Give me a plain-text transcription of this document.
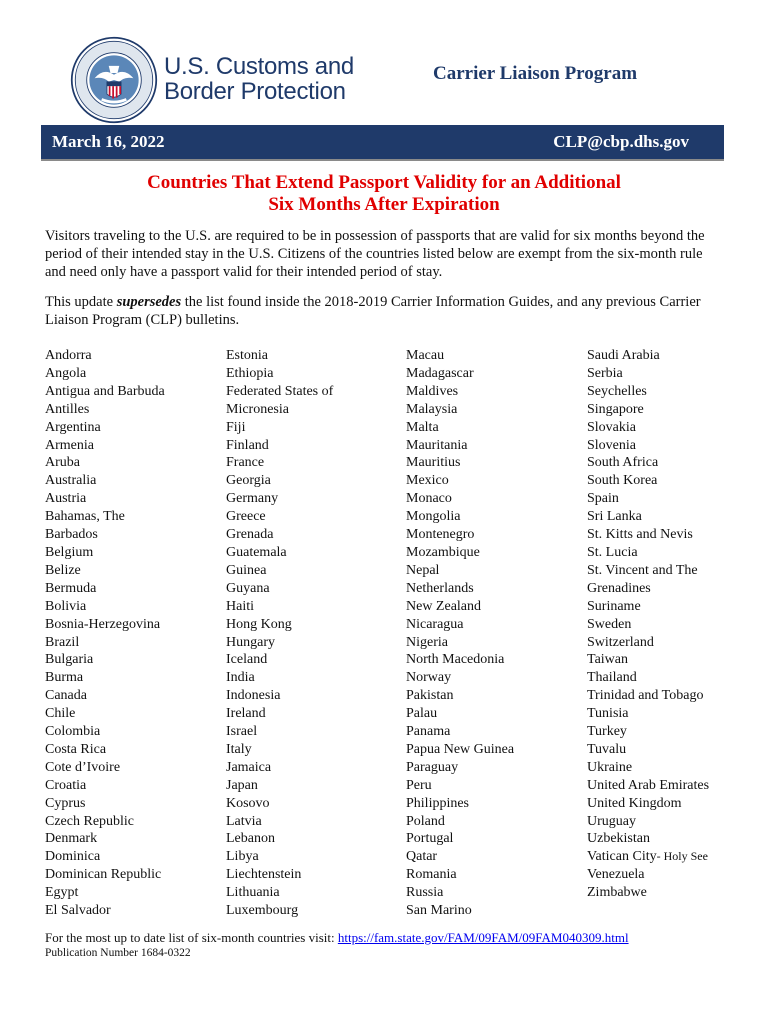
U.S. Customs and
Border Protection
Carrier Liaison Program
March 16, 2022	CLP@cbp.dhs.gov
Countries That Extend Passport Validity for an Additional
Six Months After Expiration

Visitors traveling to the U.S. are required to be in possession of passports that are valid for six months beyond the period of their intended stay in the U.S. Citizens of the countries listed below are exempt from the six-month rule and need only have a passport valid for their intended period of stay.

This update supersedes the list found inside the 2018-2019 Carrier Information Guides, and any previous Carrier Liaison Program (CLP) bulletins.

Andorra
Angola
Antigua and Barbuda
Antilles
Argentina
Armenia
Aruba
Australia
Austria
Bahamas, The
Barbados
Belgium
Belize
Bermuda
Bolivia
Bosnia-Herzegovina
Brazil
Bulgaria
Burma
Canada
Chile
Colombia
Costa Rica
Cote d’Ivoire
Croatia
Cyprus
Czech Republic
Denmark
Dominica
Dominican Republic
Egypt
El Salvador
Estonia
Ethiopia
Federated States of
Micronesia
Fiji
Finland
France
Georgia
Germany
Greece
Grenada
Guatemala
Guinea
Guyana
Haiti
Hong Kong
Hungary
Iceland
India
Indonesia
Ireland
Israel
Italy
Jamaica
Japan
Kosovo
Latvia
Lebanon
Libya
Liechtenstein
Lithuania
Luxembourg
Macau
Madagascar
Maldives
Malaysia
Malta
Mauritania
Mauritius
Mexico
Monaco
Mongolia
Montenegro
Mozambique
Nepal
Netherlands
New Zealand
Nicaragua
Nigeria
North Macedonia
Norway
Pakistan
Palau
Panama
Papua New Guinea
Paraguay
Peru
Philippines
Poland
Portugal
Qatar
Romania
Russia
San Marino
Saudi Arabia
Serbia
Seychelles
Singapore
Slovakia
Slovenia
South Africa
South Korea
Spain
Sri Lanka
St. Kitts and Nevis
St. Lucia
St. Vincent and The
Grenadines
Suriname
Sweden
Switzerland
Taiwan
Thailand
Trinidad and Tobago
Tunisia
Turkey
Tuvalu
Ukraine
United Arab Emirates
United Kingdom
Uruguay
Uzbekistan
Vatican City- Holy See
Venezuela
Zimbabwe
For the most up to date list of six-month countries visit: https://fam.state.gov/FAM/09FAM/09FAM040309.html
Publication Number 1684-0322
